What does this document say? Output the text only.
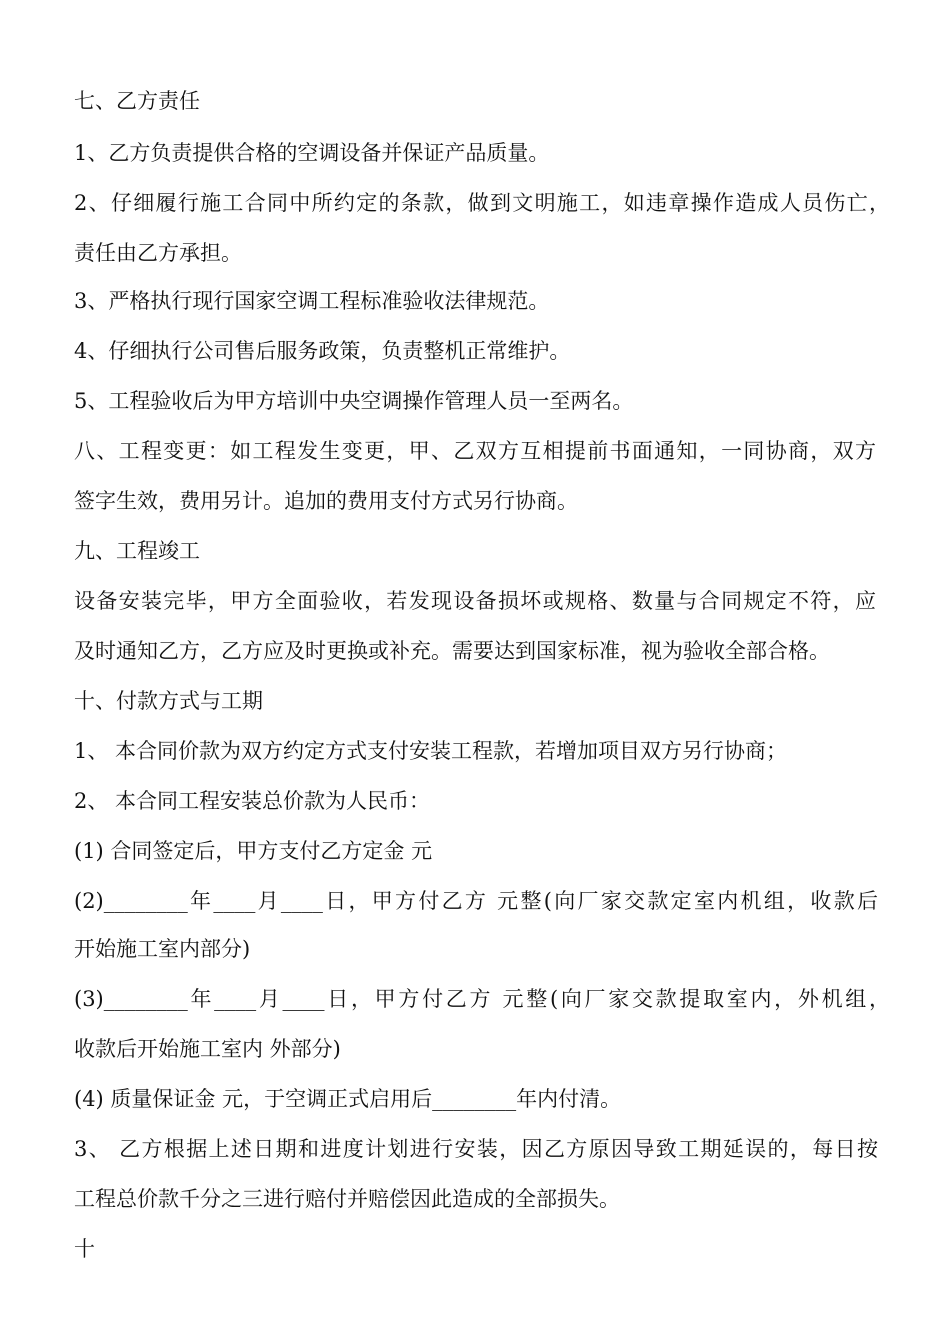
七、乙方责任
1、乙方负责提供合格的空调设备并保证产品质量。
2、仔细履行施工合同中所约定的条款，做到文明施工，如违章操作造成人员伤亡，
责任由乙方承担。
3、严格执行现行国家空调工程标准验收法律规范。
4、仔细执行公司售后服务政策，负责整机正常维护。
5、工程验收后为甲方培训中央空调操作管理人员一至两名。
八、工程变更：如工程发生变更，甲、乙双方互相提前书面通知，一同协商，双方
签字生效，费用另计。追加的费用支付方式另行协商。
九、工程竣工
设备安装完毕，甲方全面验收，若发现设备损坏或规格、数量与合同规定不符，应
及时通知乙方，乙方应及时更换或补充。需要达到国家标准，视为验收全部合格。
十、付款方式与工期
1、 本合同价款为双方约定方式支付安装工程款，若增加项目双方另行协商；
2、 本合同工程安装总价款为人民币：
(1) 合同签定后，甲方支付乙方定金 元
(2)________年____月____日，甲方付乙方 元整(向厂家交款定室内机组，收款后
开始施工室内部分)
(3)________年____月____日，甲方付乙方 元整(向厂家交款提取室内，外机组，
收款后开始施工室内 外部分)
(4) 质量保证金 元，于空调正式启用后________年内付清。
3、 乙方根据上述日期和进度计划进行安装，因乙方原因导致工期延误的，每日按
工程总价款千分之三进行赔付并赔偿因此造成的全部损失。
十
